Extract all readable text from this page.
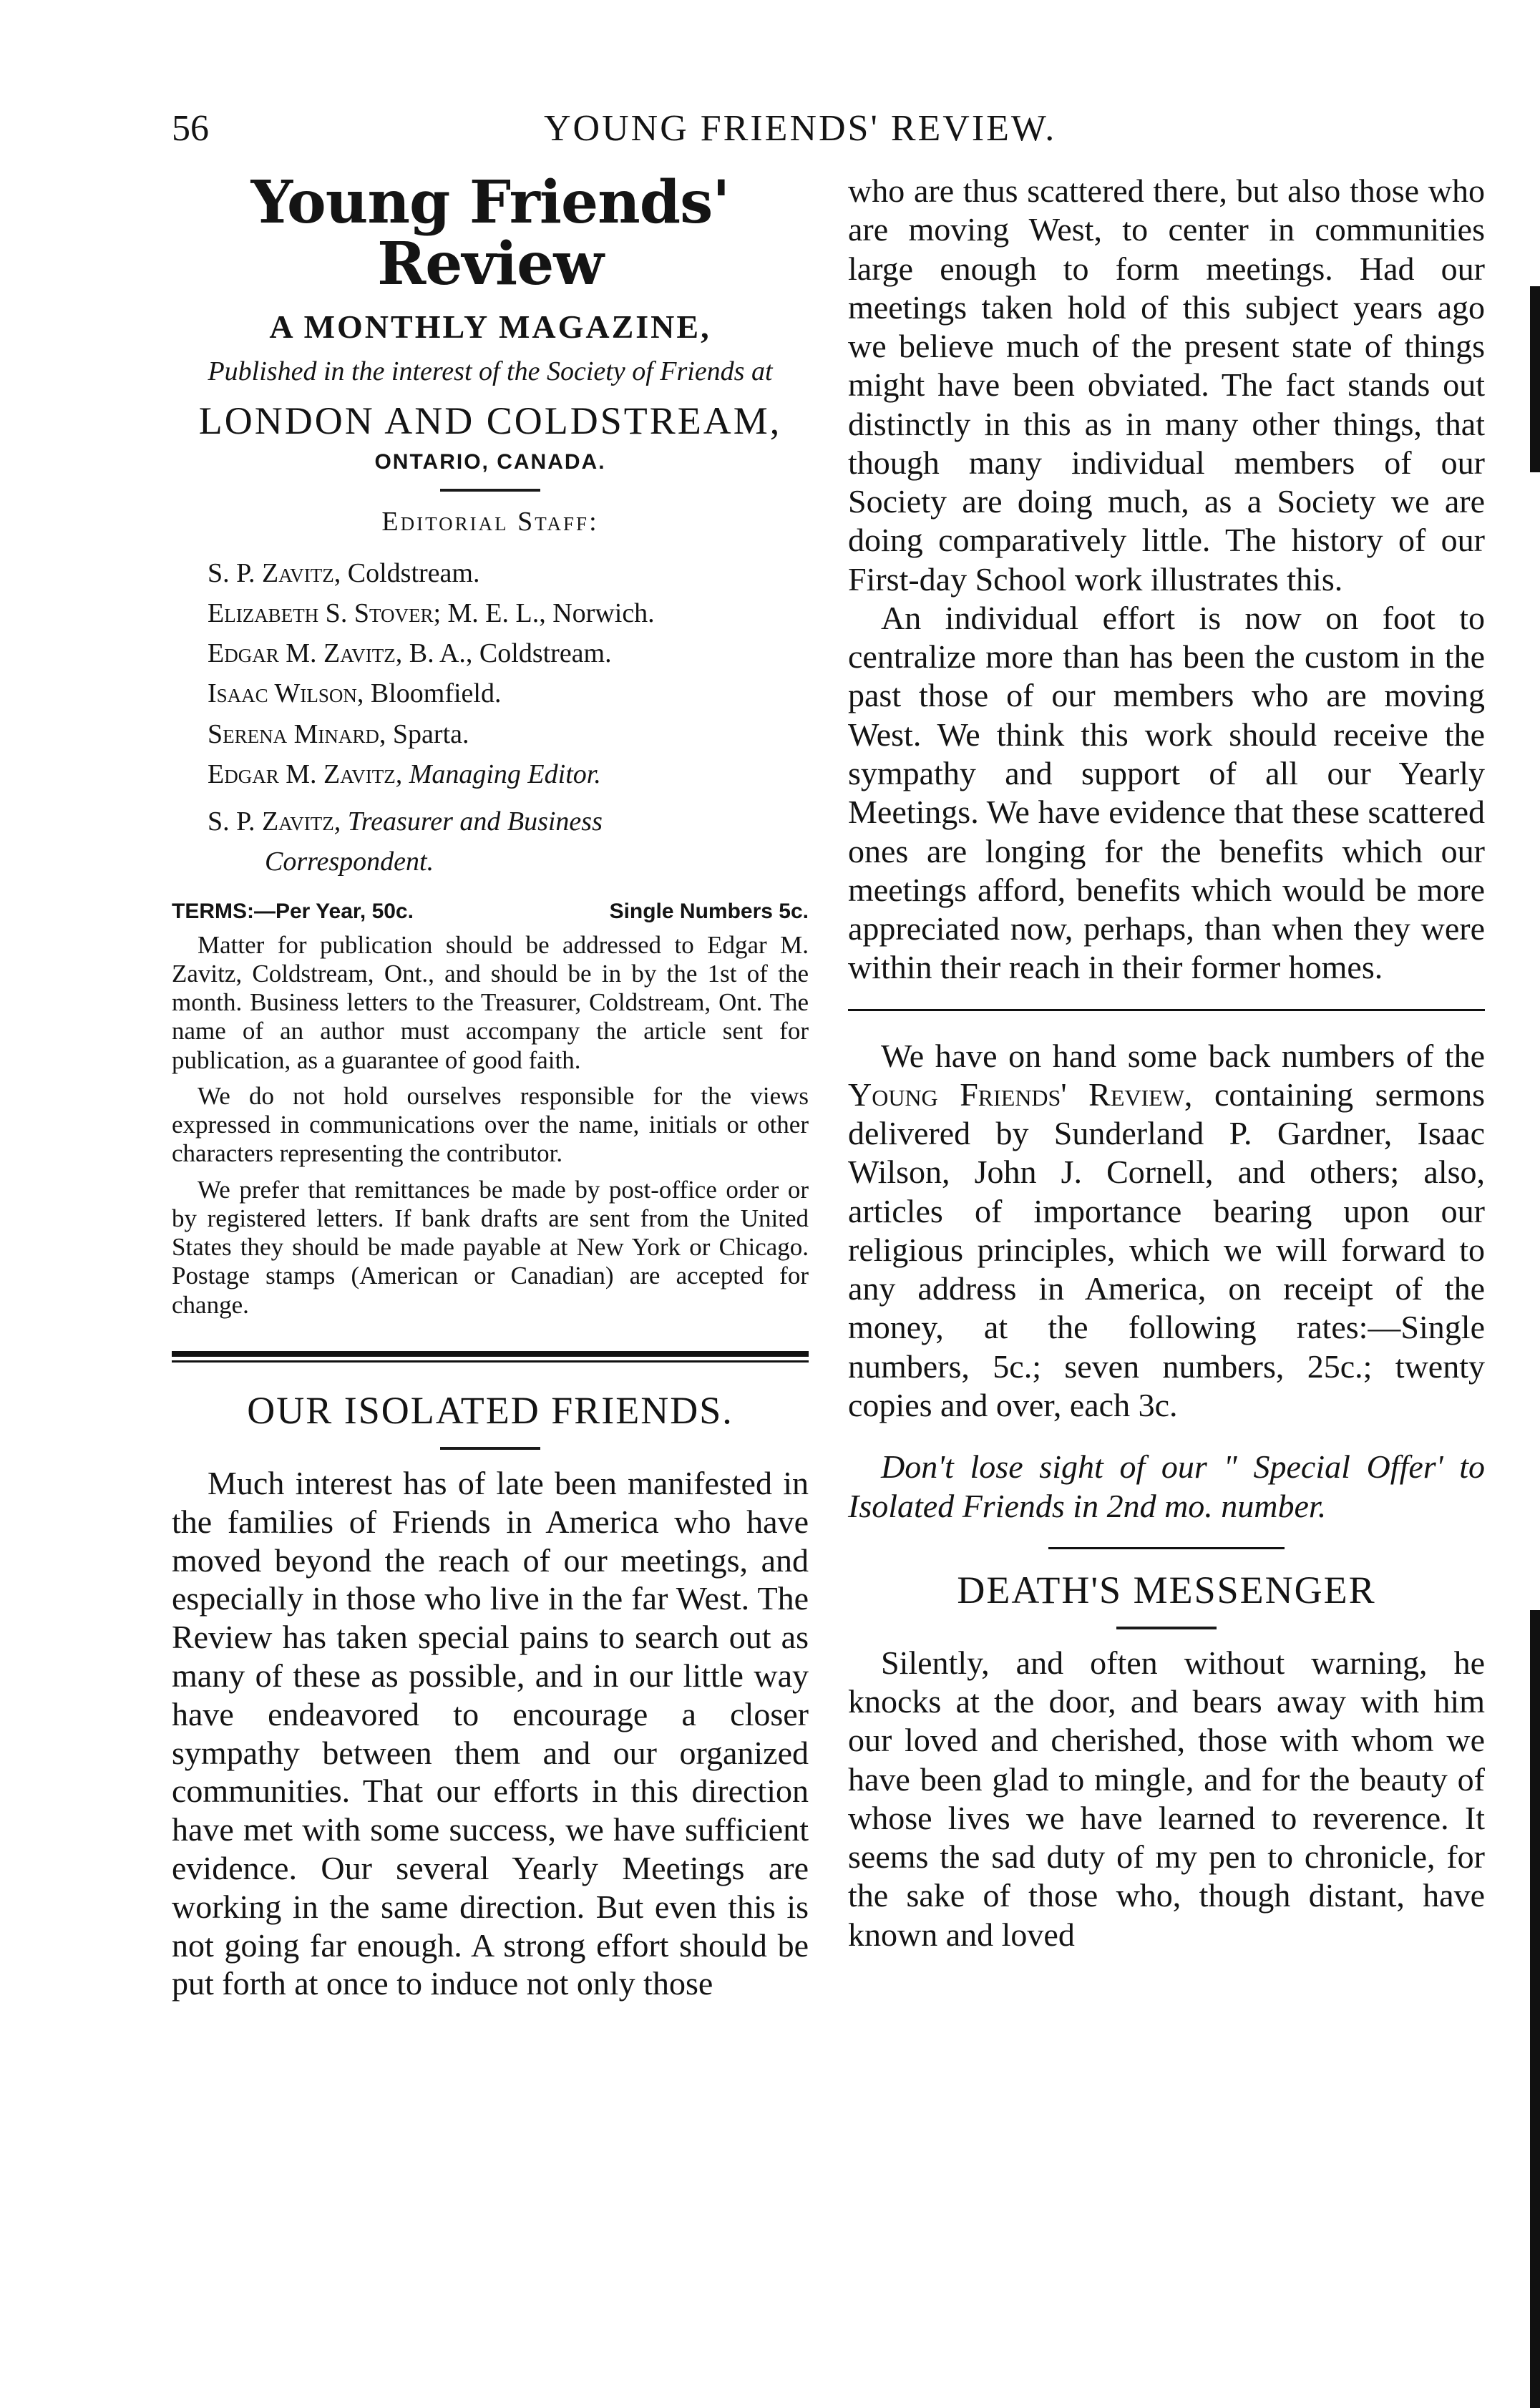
56	YOUNG FRIENDS' REVIEW.
Young Friends' Review
A MONTHLY MAGAZINE,
Published in the interest of the Society of Friends at
LONDON AND COLDSTREAM,
ONTARIO, CANADA.
Editorial Staff:
S. P. Zavitz, Coldstream.
Elizabeth S. Stover; M. E. L., Norwich.
Edgar M. Zavitz, B. A., Coldstream.
Isaac Wilson, Bloomfield.
Serena Minard, Sparta.
Edgar M. Zavitz, Managing Editor.
S. P. Zavitz, Treasurer and Business
Correspondent.
TERMS:—Per Year, 50c.	Single Numbers 5c.

Matter for publication should be addressed to Edgar M. Zavitz, Coldstream, Ont., and should be in by the 1st of the month. Business letters to the Treasurer, Coldstream, Ont. The name of an author must accompany the article sent for publication, as a guarantee of good faith.

We do not hold ourselves responsible for the views expressed in communications over the name, initials or other characters representing the contributor.

We prefer that remittances be made by post-office order or by registered letters. If bank drafts are sent from the United States they should be made payable at New York or Chicago. Postage stamps (American or Canadian) are accepted for change.

OUR ISOLATED FRIENDS.

Much interest has of late been manifested in the families of Friends in America who have moved beyond the reach of our meetings, and especially in those who live in the far West. The Review has taken special pains to search out as many of these as possible, and in our little way have endeavored to encourage a closer sympathy between them and our organized communities. That our efforts in this direction have met with some success, we have sufficient evidence. Our several Yearly Meetings are working in the same direction. But even this is not going far enough. A strong effort should be put forth at once to induce not only those

who are thus scattered there, but also those who are moving West, to center in communities large enough to form meetings. Had our meetings taken hold of this subject years ago we believe much of the present state of things might have been obviated. The fact stands out distinctly in this as in many other things, that though many individual members of our Society are doing much, as a Society we are doing comparatively little. The history of our First-day School work illustrates this.

An individual effort is now on foot to centralize more than has been the custom in the past those of our members who are moving West. We think this work should receive the sympathy and support of all our Yearly Meetings. We have evidence that these scattered ones are longing for the benefits which our meetings afford, benefits which would be more appreciated now, perhaps, than when they were within their reach in their former homes.

We have on hand some back numbers of the Young Friends' Review, containing sermons delivered by Sunderland P. Gardner, Isaac Wilson, John J. Cornell, and others; also, articles of importance bearing upon our religious principles, which we will forward to any address in America, on receipt of the money, at the following rates:—Single numbers, 5c.; seven numbers, 25c.; twenty copies and over, each 3c.

Don't lose sight of our " Special Offer' to Isolated Friends in 2nd mo. number.

DEATH'S MESSENGER

Silently, and often without warning, he knocks at the door, and bears away with him our loved and cherished, those with whom we have been glad to mingle, and for the beauty of whose lives we have learned to reverence. It seems the sad duty of my pen to chronicle, for the sake of those who, though distant, have known and loved
